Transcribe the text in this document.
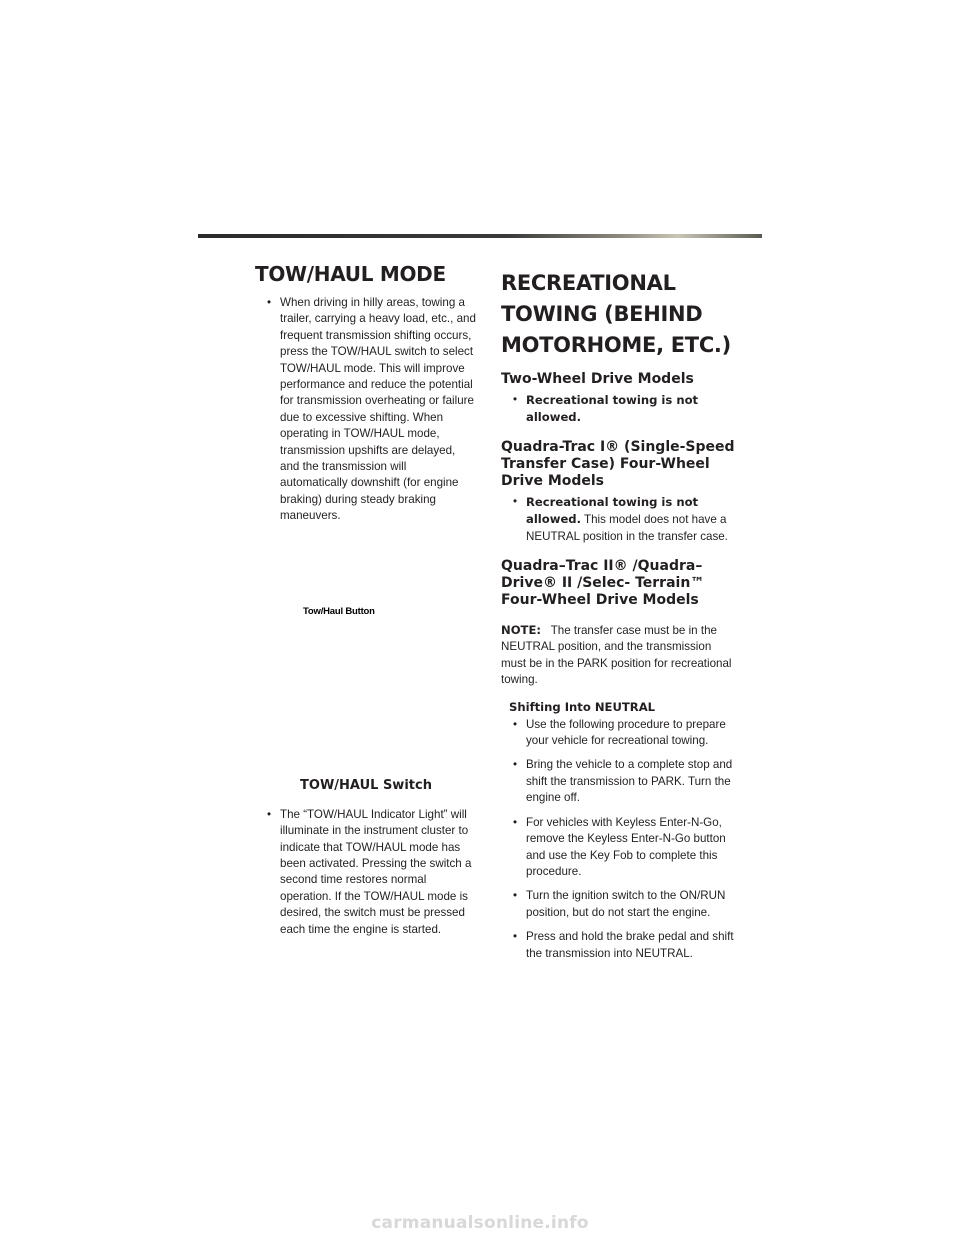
TOW/HAUL MODE
• When driving in hilly areas, towing a trailer, carrying a heavy load, etc., and frequent transmission shifting occurs, press the TOW/HAUL switch to select TOW/HAUL mode. This will improve performance and reduce the potential for transmission overheating or failure due to excessive shifting. When operating in TOW/HAUL mode, transmission upshifts are delayed, and the transmission will automatically downshift (for engine braking) during steady braking maneuvers.
Tow/Haul Button
TOW/HAUL Switch
• The “TOW/HAUL Indicator Light” will illuminate in the instrument cluster to indicate that TOW/HAUL mode has been activated. Pressing the switch a second time restores normal operation. If the TOW/HAUL mode is desired, the switch must be pressed each time the engine is started.
RECREATIONAL
TOWING (BEHIND
MOTORHOME, ETC.)
Two-Wheel Drive Models
• Recreational towing is not allowed.
Quadra-Trac I® (Single-Speed
Transfer Case) Four-Wheel
Drive Models
• Recreational towing is not allowed. This model does not have a NEUTRAL position in the transfer case.
Quadra–Trac II® /Quadra–
Drive® II /Selec- Terrain™
Four-Wheel Drive Models

NOTE: The transfer case must be in the NEUTRAL position, and the transmission must be in the PARK position for recreational towing.

Shifting Into NEUTRAL
• Use the following procedure to prepare your vehicle for recreational towing.
• Bring the vehicle to a complete stop and shift the transmission to PARK. Turn the engine off.
• For vehicles with Keyless Enter-N-Go, remove the Keyless Enter-N-Go button and use the Key Fob to complete this procedure.
• Turn the ignition switch to the ON/RUN position, but do not start the engine.
• Press and hold the brake pedal and shift the transmission into NEUTRAL.
carmanualsonline.info
